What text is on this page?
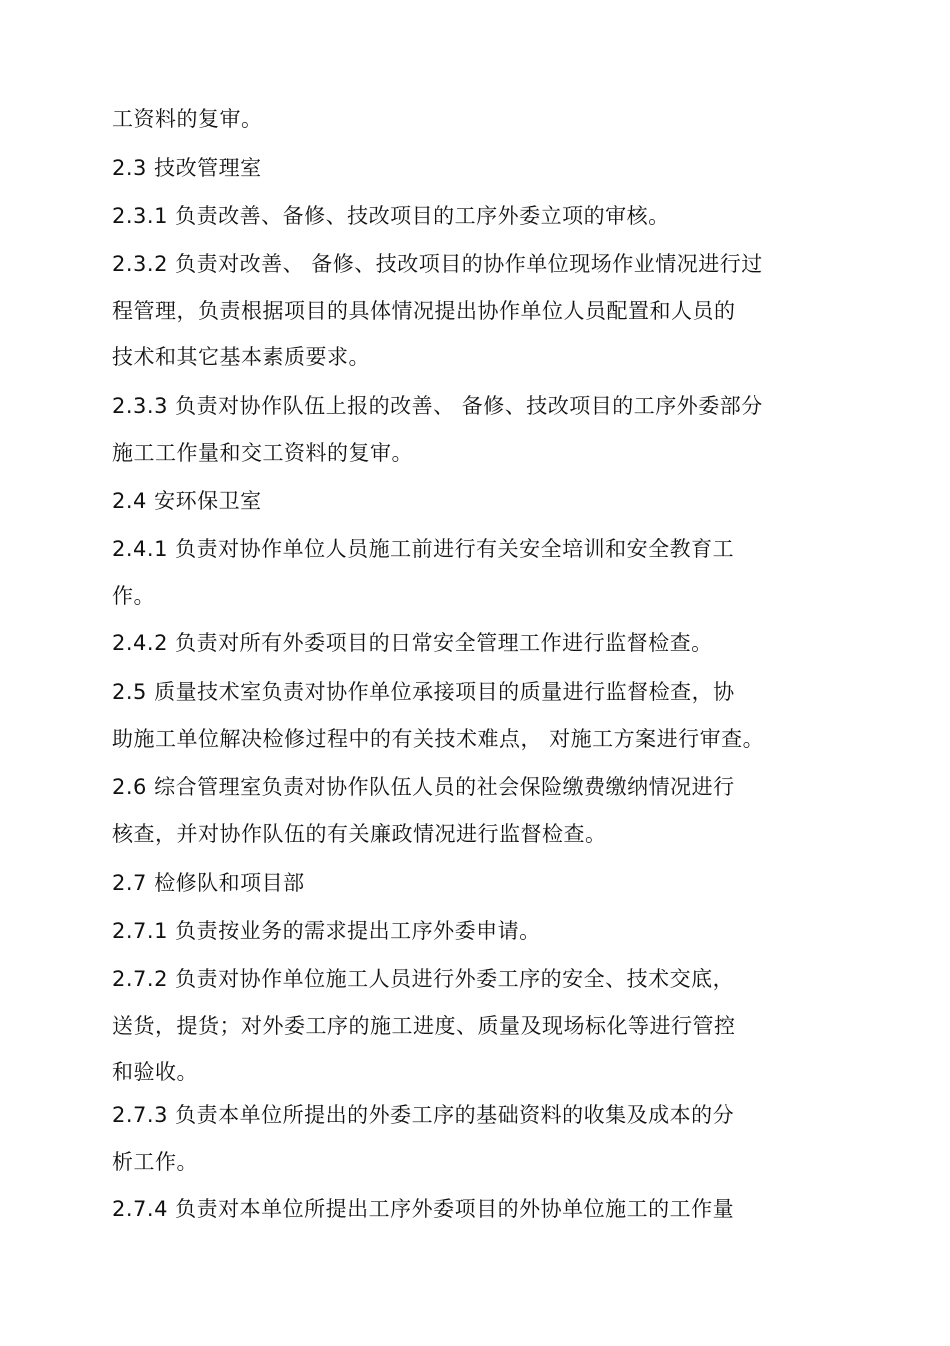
工资料的复审。
2.3 技改管理室
2.3.1 负责改善、备修、技改项目的工序外委立项的审核。
2.3.2 负责对改善、 备修、技改项目的协作单位现场作业情况进行过
程管理，负责根据项目的具体情况提出协作单位人员配置和人员的
技术和其它基本素质要求。
2.3.3 负责对协作队伍上报的改善、 备修、技改项目的工序外委部分
施工工作量和交工资料的复审。
2.4 安环保卫室
2.4.1 负责对协作单位人员施工前进行有关安全培训和安全教育工
作。
2.4.2 负责对所有外委项目的日常安全管理工作进行监督检查。
2.5 质量技术室负责对协作单位承接项目的质量进行监督检查，协
助施工单位解决检修过程中的有关技术难点， 对施工方案进行审查。
2.6 综合管理室负责对协作队伍人员的社会保险缴费缴纳情况进行
核查，并对协作队伍的有关廉政情况进行监督检查。
2.7 检修队和项目部
2.7.1 负责按业务的需求提出工序外委申请。
2.7.2 负责对协作单位施工人员进行外委工序的安全、技术交底，
送货，提货；对外委工序的施工进度、质量及现场标化等进行管控
和验收。
2.7.3 负责本单位所提出的外委工序的基础资料的收集及成本的分
析工作。
2.7.4 负责对本单位所提出工序外委项目的外协单位施工的工作量
